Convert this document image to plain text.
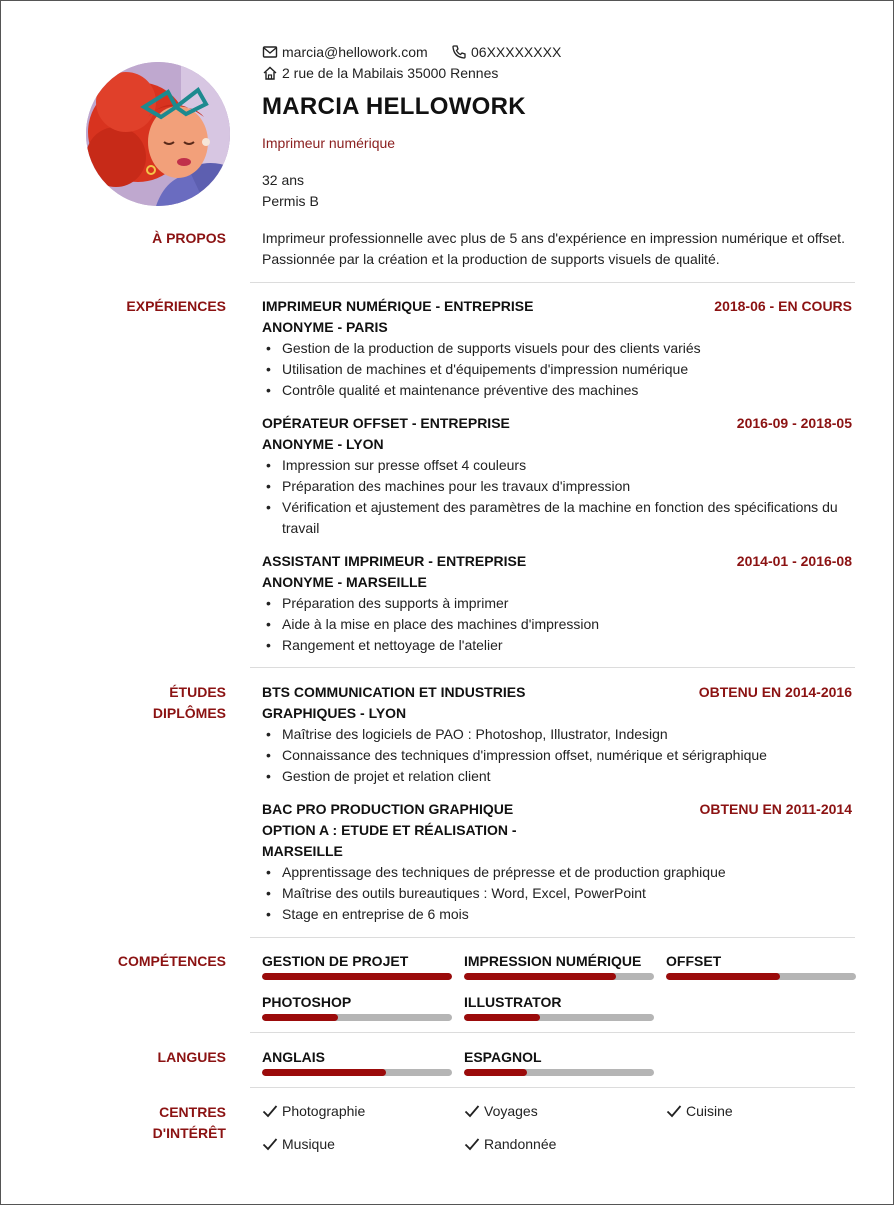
marcia@hellowork.com	06XXXXXXXX
2 rue de la Mabilais 35000 Rennes
MARCIA HELLOWORK
Imprimeur numérique
32 ans
Permis B
À PROPOS	Imprimeur professionnelle avec plus de 5 ans d'expérience en impression numérique et offset. Passionnée par la création et la production de supports visuels de qualité.
EXPÉRIENCES	IMPRIMEUR NUMÉRIQUE - ENTREPRISE	2018-06 - EN COURS
ANONYME - PARIS
• Gestion de la production de supports visuels pour des clients variés
• Utilisation de machines et d'équipements d'impression numérique
• Contrôle qualité et maintenance préventive des machines
OPÉRATEUR OFFSET - ENTREPRISE	2016-09 - 2018-05
ANONYME - LYON
• Impression sur presse offset 4 couleurs
• Préparation des machines pour les travaux d'impression
• Vérification et ajustement des paramètres de la machine en fonction des spécifications du travail
ASSISTANT IMPRIMEUR - ENTREPRISE	2014-01 - 2016-08
ANONYME - MARSEILLE
• Préparation des supports à imprimer
• Aide à la mise en place des machines d'impression
• Rangement et nettoyage de l'atelier
ÉTUDES
DIPLÔMES
BTS COMMUNICATION ET INDUSTRIES	OBTENU EN 2014-2016
GRAPHIQUES - LYON
• Maîtrise des logiciels de PAO : Photoshop, Illustrator, Indesign
• Connaissance des techniques d'impression offset, numérique et sérigraphique
• Gestion de projet et relation client
BAC PRO PRODUCTION GRAPHIQUE	OBTENU EN 2011-2014
OPTION A : ETUDE ET RÉALISATION -
MARSEILLE
• Apprentissage des techniques de prépresse et de production graphique
• Maîtrise des outils bureautiques : Word, Excel, PowerPoint
• Stage en entreprise de 6 mois
COMPÉTENCES	GESTION DE PROJET	IMPRESSION NUMÉRIQUE	OFFSET
PHOTOSHOP	ILLUSTRATOR
LANGUES	ANGLAIS	ESPAGNOL
CENTRES
D'INTÉRÊT
Photographie	Voyages	Cuisine
Musique	Randonnée
